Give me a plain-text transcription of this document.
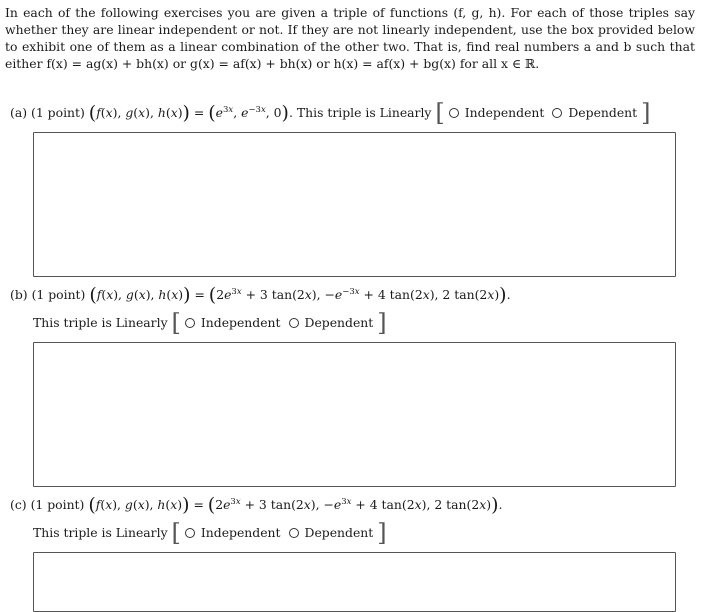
In each of the following exercises you are given a triple of functions (f, g, h). For each of those triples say whether they are linear independent or not. If they are not linearly independent, use the box provided below to exhibit one of them as a linear combination of the other two. That is, find real numbers a and b such that either f(x) = ag(x) + bh(x) or g(x) = af(x) + bh(x) or h(x) = af(x) + bg(x) for all x ∈ ℝ.
(a)
(1 point)
(f(x), g(x), $h(x)) = (e^{3x}$, $e^{-3x}$, 0).
This triple is Linearly
[ Independent Dependent ]
(b)
(1 point)
(f(x), g(x), $h(x)) = (2e^{3x} + 3$ tan(2x), $-e^{-3x} + 4$ tan(2x), 2 tan(2x)).
This triple is Linearly
[ Independent Dependent ]
(c)
(1 point)
(f(x), g(x), $h(x)) = (2e^{3x} + 3$ tan(2x), $-e^{3x} + 4$ tan(2x), 2 tan(2x)).
This triple is Linearly
[ Independent Dependent ]
